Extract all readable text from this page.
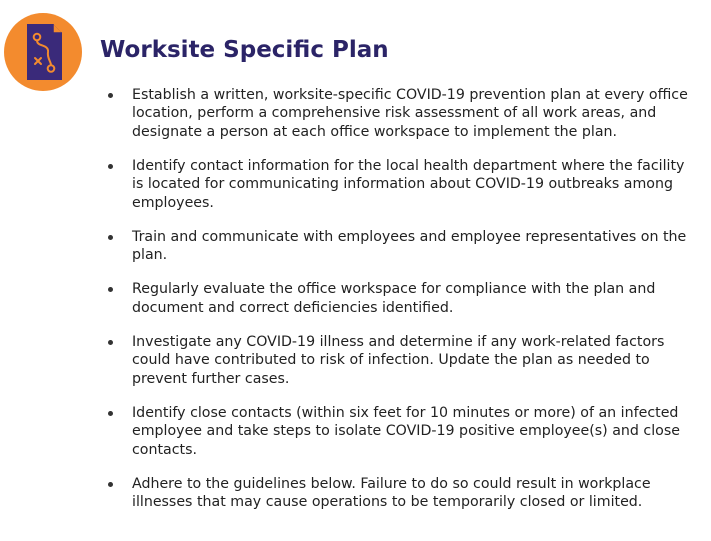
Worksite Specific Plan
Establish a written, worksite-specific COVID-19 prevention plan at every office location, perform a comprehensive risk assessment of all work areas, and designate a person at each office workspace to implement the plan.
Identify contact information for the local health department where the facility is located for communicating information about COVID-19 outbreaks among employees.
Train and communicate with employees and employee representatives on the plan.
Regularly evaluate the office workspace for compliance with the plan and document and correct deficiencies identified.
Investigate any COVID-19 illness and determine if any work-related factors could have contributed to risk of infection. Update the plan as needed to prevent further cases.
Identify close contacts (within six feet for 10 minutes or more) of an infected employee and take steps to isolate COVID-19 positive employee(s) and close contacts.
Adhere to the guidelines below. Failure to do so could result in workplace illnesses that may cause operations to be temporarily closed or limited.
